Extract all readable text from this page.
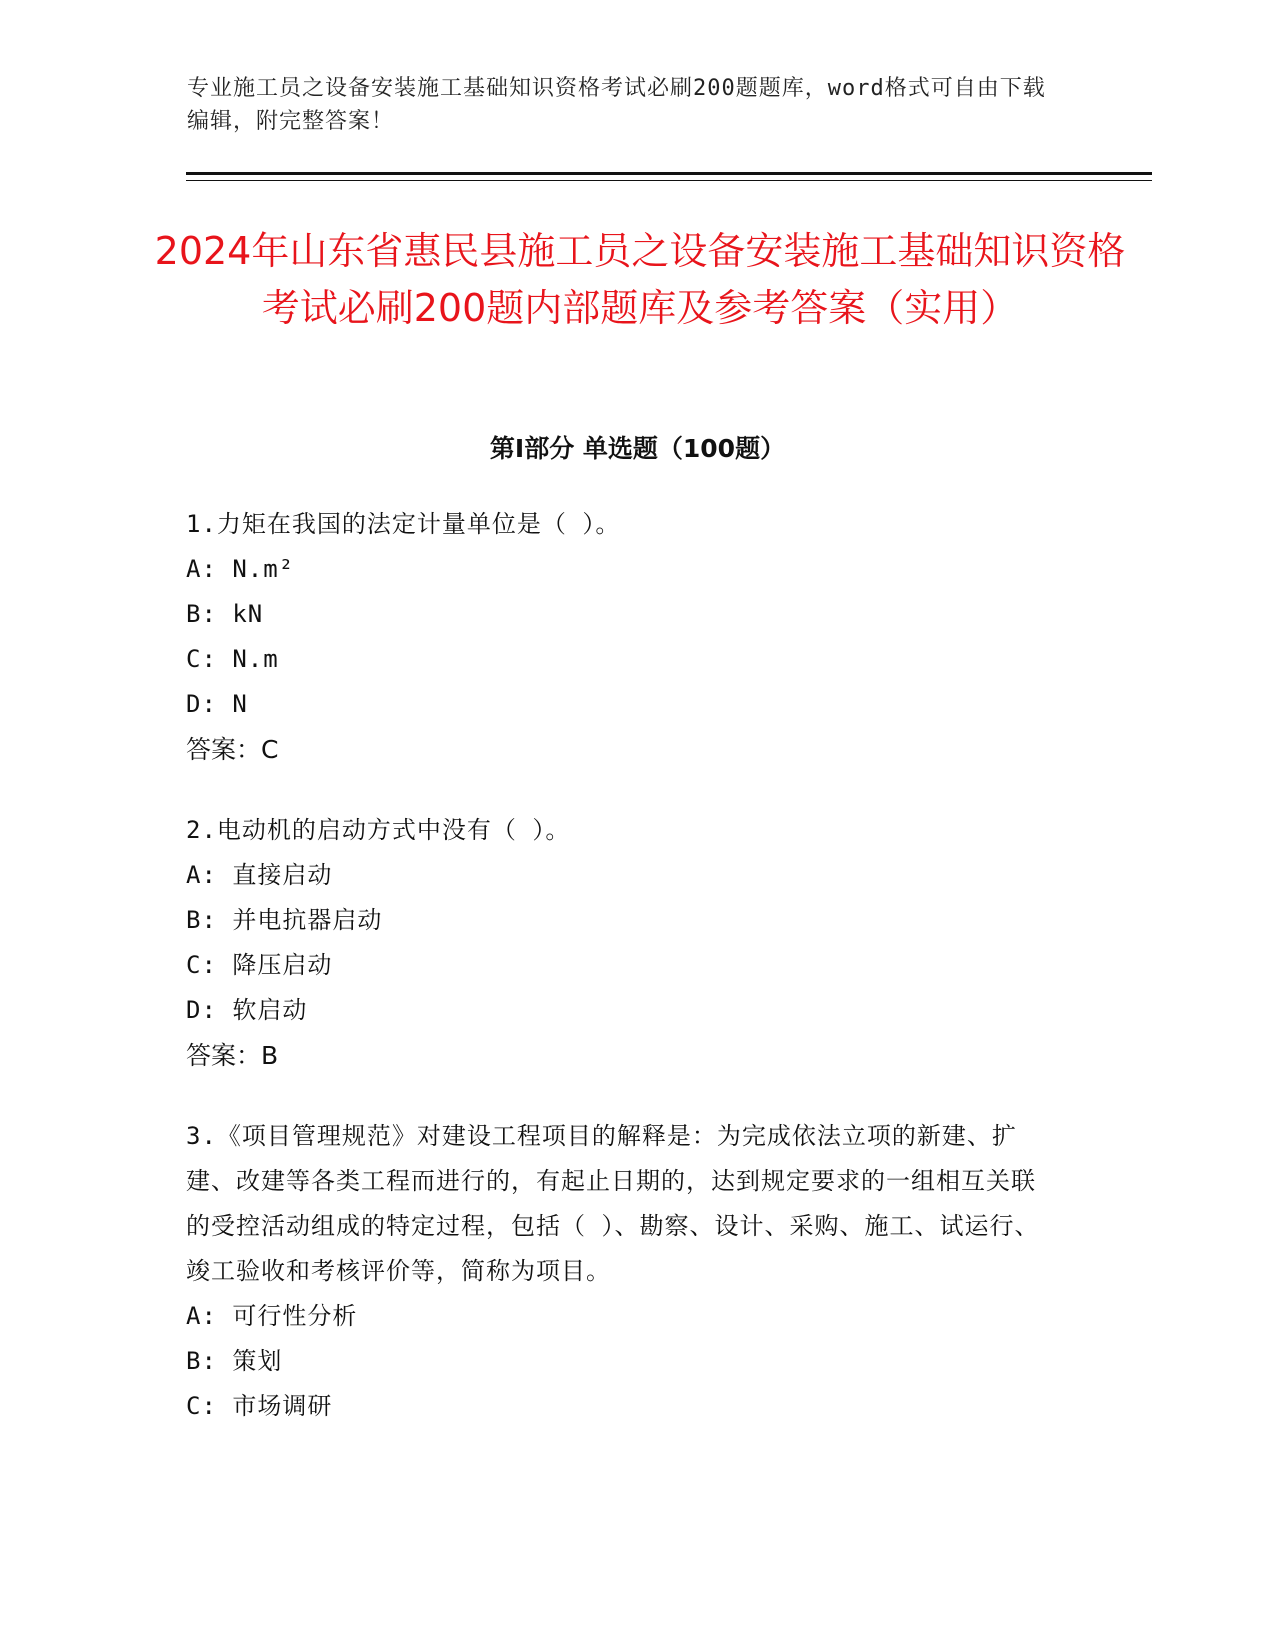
专业施工员之设备安装施工基础知识资格考试必刷200题题库，word格式可自由下载编辑，附完整答案！
2024年山东省惠民县施工员之设备安装施工基础知识资格考试必刷200题内部题库及参考答案（实用）
第I部分 单选题（100题）

1.力矩在我国的法定计量单位是（ ）。

A: N.m²

B: kN

C: N.m

D: N

答案：C

2.电动机的启动方式中没有（ ）。

A: 直接启动

B: 并电抗器启动

C: 降压启动

D: 软启动

答案：B

3.《项目管理规范》对建设工程项目的解释是：为完成依法立项的新建、扩建、改建等各类工程而进行的，有起止日期的，达到规定要求的一组相互关联的受控活动组成的特定过程，包括（ ）、勘察、设计、采购、施工、试运行、竣工验收和考核评价等，简称为项目。

A: 可行性分析

B: 策划

C: 市场调研
